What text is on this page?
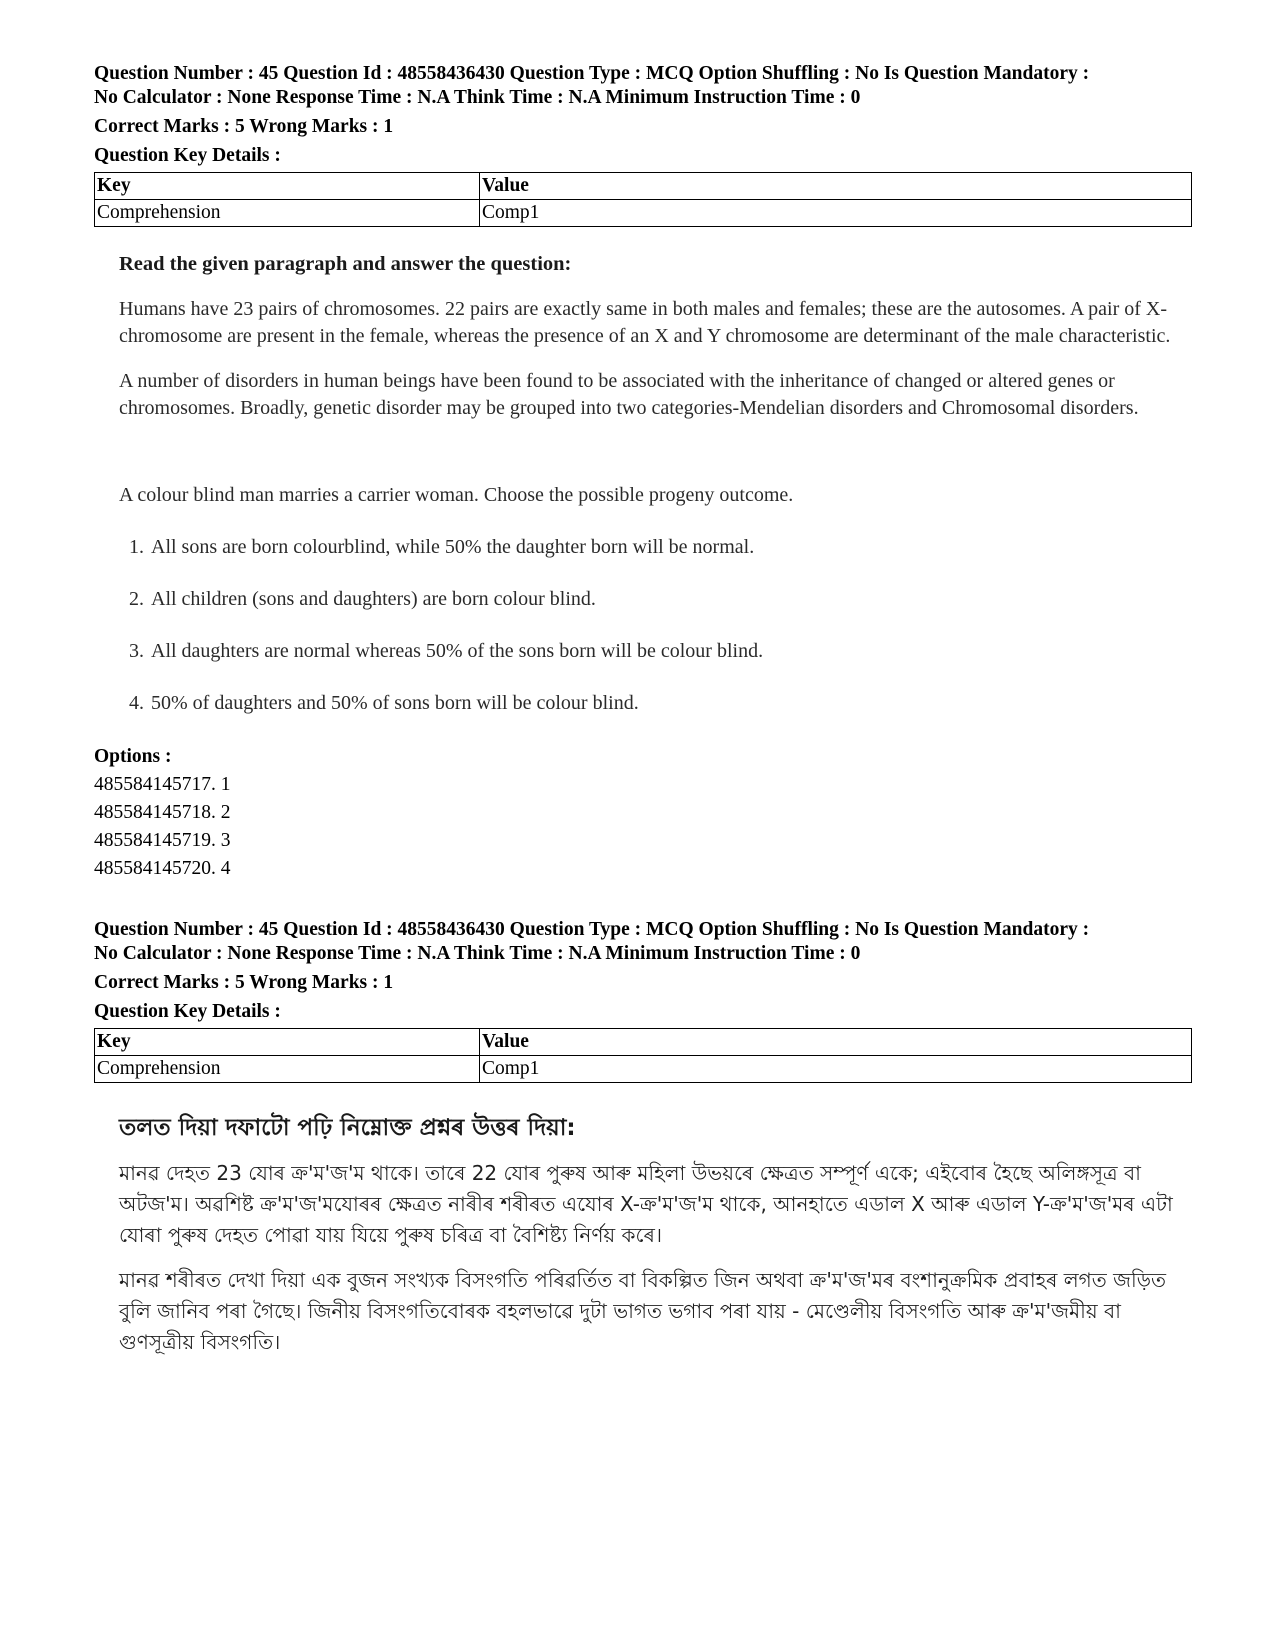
Question Number : 45 Question Id : 48558436430 Question Type : MCQ Option Shuffling : No Is Question Mandatory :
No Calculator : None Response Time : N.A Think Time : N.A Minimum Instruction Time : 0
Correct Marks : 5 Wrong Marks : 1
Question Key Details :
Key	Value
Comprehension	Comp1

Read the given paragraph and answer the question:

Humans have 23 pairs of chromosomes. 22 pairs are exactly same in both males and females; these are the autosomes. A pair of X-chromosome are present in the female, whereas the presence of an X and Y chromosome are determinant of the male characteristic.

A number of disorders in human beings have been found to be associated with the inheritance of changed or altered genes or chromosomes. Broadly, genetic disorder may be grouped into two categories-Mendelian disorders and Chromosomal disorders.

A colour blind man marries a carrier woman. Choose the possible progeny outcome.

1. All sons are born colourblind, while 50% the daughter born will be normal.
2. All children (sons and daughters) are born colour blind.
3. All daughters are normal whereas 50% of the sons born will be colour blind.
4. 50% of daughters and 50% of sons born will be colour blind.
Options :
485584145717. 1
485584145718. 2
485584145719. 3
485584145720. 4
Question Number : 45 Question Id : 48558436430 Question Type : MCQ Option Shuffling : No Is Question Mandatory :
No Calculator : None Response Time : N.A Think Time : N.A Minimum Instruction Time : 0
Correct Marks : 5 Wrong Marks : 1
Question Key Details :
Key	Value
Comprehension	Comp1

তলত দিয়া দফাটো পঢ়ি নিম্নোক্ত প্ৰশ্নৰ উত্তৰ দিয়া:

মানৱ দেহত 23 যোৰ ক্ৰ'ম'জ'ম থাকে। তাৰে 22 যোৰ পুৰুষ আৰু মহিলা উভয়ৰে ক্ষেত্ৰত সম্পূৰ্ণ একে; এইবোৰ হৈছে অলিঙ্গসূত্ৰ বা অটজ'ম। অৱশিষ্ট ক্ৰ'ম'জ'মযোৰৰ ক্ষেত্ৰত নাৰীৰ শৰীৰত এযোৰ X-ক্ৰ'ম'জ'ম থাকে, আনহাতে এডাল X আৰু এডাল Y-ক্ৰ'ম'জ'মৰ এটা যোৰা পুৰুষ দেহত পোৱা যায় যিয়ে পুৰুষ চৰিত্ৰ বা বৈশিষ্ট্য নিৰ্ণয় কৰে।

মানৱ শৰীৰত দেখা দিয়া এক বুজন সংখ্যক বিসংগতি পৰিৱৰ্তিত বা বিকল্পিত জিন অথবা ক্ৰ'ম'জ'মৰ বংশানুক্ৰমিক প্ৰবাহৰ লগত জড়িত বুলি জানিব পৰা গৈছে। জিনীয় বিসংগতিবোৰক বহলভাৱে দুটা ভাগত ভগাব পৰা যায় - মেণ্ডেলীয় বিসংগতি আৰু ক্ৰ'ম'জমীয় বা গুণসূত্ৰীয় বিসংগতি।
